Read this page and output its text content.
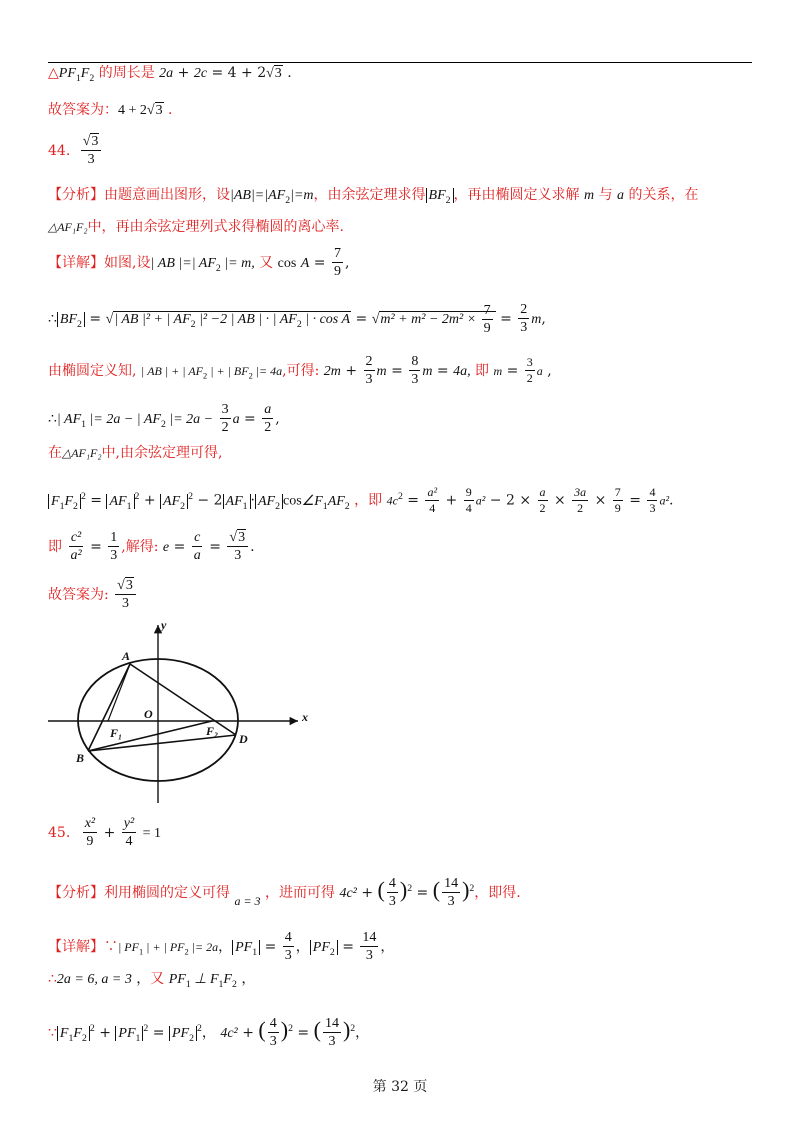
$\triangle PF_1F_2$ 的周长是 2a + 2c = 4 + 2√3 .
故答案为：4 + 2√3 .
44. $\frac{√3}{3}$
【分析】由题意画出图形，设$|AB|=|AF_2|=m$，由余弦定理求得 $BF_2$ ，再由椭圆定义求解 m 与 a 的关系，在
△AF₁F₂中，再由余弦定理列式求得椭圆的离心率.
【详解】如图,设| AB |=| $AF_2$ |= m, 又 $\cos A = \frac{7}{9}$ ,
∴ $BF_2$ = √| AB |² + | $AF_2$ |² −2 | AB | · | $AF_2$ | · $\cos A = √m^2 + m^2 - 2m^2 \times \frac{7}{9} = \frac{2}{3} m$,
由椭圆定义知, | AB | + | $AF_2$ | + | $BF_2$ |= 4a,可得: $2m + \frac{2}{3}$ $m = \frac{8}{3}$ m = 4a, 即 $m = \frac{3}{2}$ a ,
∴| $AF_1$ |= 2a − | $AF_2$ |= $2a - \frac{3}{2}$ $a = \frac{a}{2}$ ,
在△AF₁F₂中,由余弦定理可得,
$F_1F_2^2 = AF_1^2 + AF_2^2 - 2$ $AF_1 \cdot AF_2$ $\cos\angle F_1AF_2$ ，即 $4c^2 = \frac{\text{a²}}{4} + \frac{9}{4} a^2 - 2 \times \frac{a}{2} \times \frac{3a}{2} \times \frac{7}{9} = \frac{4}{3} a^2$.
即 $\frac{\text{c²}}{\text{a²}} = \frac{1}{3}$ ,解得: $e = \frac{c}{a} = \frac{√3}{3}$ .
故答案为: $\frac{√3}{3}$
x
y
A
B
O
F₁	F₂
D
45. $\frac{\text{x²}}{9} + \frac{\text{y²}}{4} = 1$
【分析】利用椭圆的定义可得 a = 3 ，进而可得 4c² + ( $\frac{4}{3} )^2$ = ( $\frac{14}{3} )^2$，即得.
【详解】∵| $PF_1$ | + | $PF_2$ |= 2a， $PF_1 = \frac{4}{3}$ ， $PF_2 = \frac{14}{3}$ ，
∴2a = 6, a = 3 ，又 $PF_1$ ⊥ $F_1F_2$ ，
∵ $F_1F_2^2 + PF_1^2 = PF_2^2$， 4c² + ( $\frac{4}{3} )^2$ = ( $\frac{14}{3} )^2$，
第 32 页
